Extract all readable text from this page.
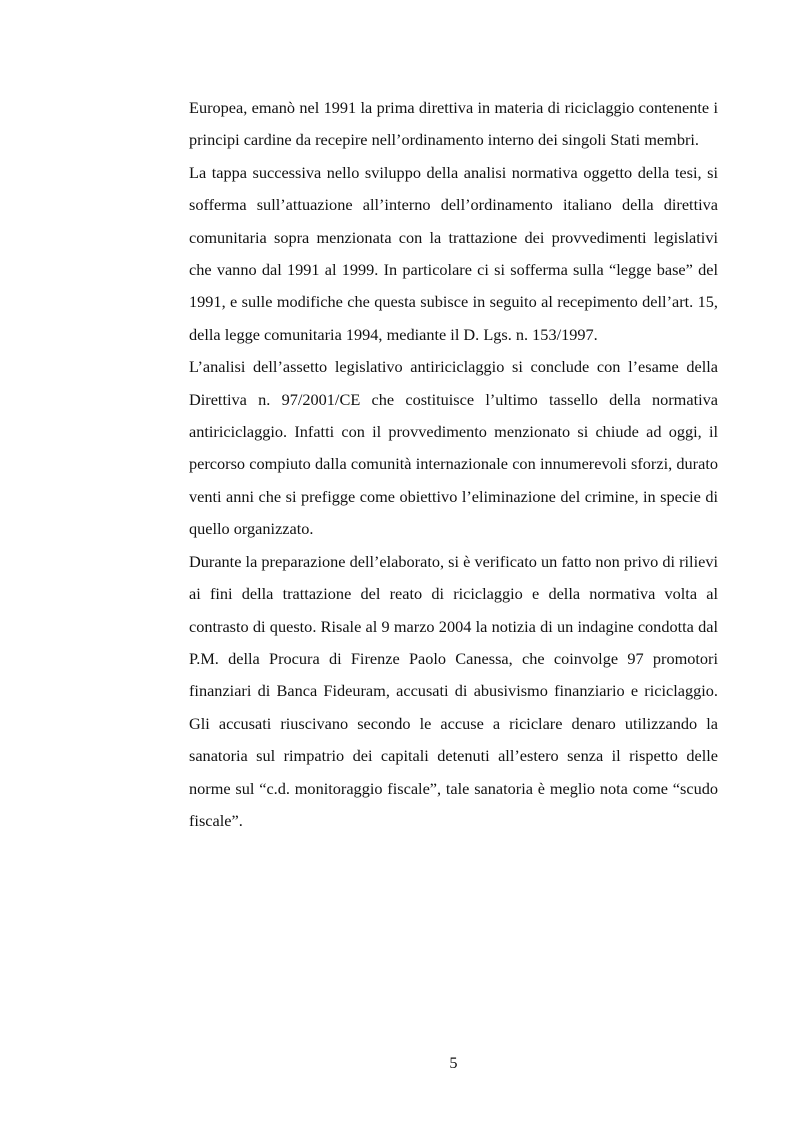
Europea, emanò nel 1991 la prima direttiva in materia di riciclaggio contenente i principi cardine da recepire nell’ordinamento interno dei singoli Stati membri.

La tappa successiva nello sviluppo della analisi normativa oggetto della tesi, si sofferma sull’attuazione all’interno dell’ordinamento italiano della direttiva comunitaria sopra menzionata con la trattazione dei provvedimenti legislativi che vanno dal 1991 al 1999. In particolare ci si sofferma sulla “legge base” del 1991, e sulle modifiche che questa subisce in seguito al recepimento dell’art. 15, della legge comunitaria 1994, mediante il D. Lgs. n. 153/1997.

L’analisi dell’assetto legislativo antiriciclaggio si conclude con l’esame della Direttiva n. 97/2001/CE che costituisce l’ultimo tassello della normativa antiriciclaggio. Infatti con il provvedimento menzionato si chiude ad oggi, il percorso compiuto dalla comunità internazionale con innumerevoli sforzi, durato venti anni che si prefigge come obiettivo l’eliminazione del crimine, in specie di quello organizzato.

Durante la preparazione dell’elaborato, si è verificato un fatto non privo di rilievi ai fini della trattazione del reato di riciclaggio e della normativa volta al contrasto di questo. Risale al 9 marzo 2004 la notizia di un indagine condotta dal P.M. della Procura di Firenze Paolo Canessa, che coinvolge 97 promotori finanziari di Banca Fideuram, accusati di abusivismo finanziario e riciclaggio. Gli accusati riuscivano secondo le accuse a riciclare denaro utilizzando la sanatoria sul rimpatrio dei capitali detenuti all’estero senza il rispetto delle norme sul “c.d. monitoraggio fiscale”, tale sanatoria è meglio nota come “scudo fiscale”.

5
